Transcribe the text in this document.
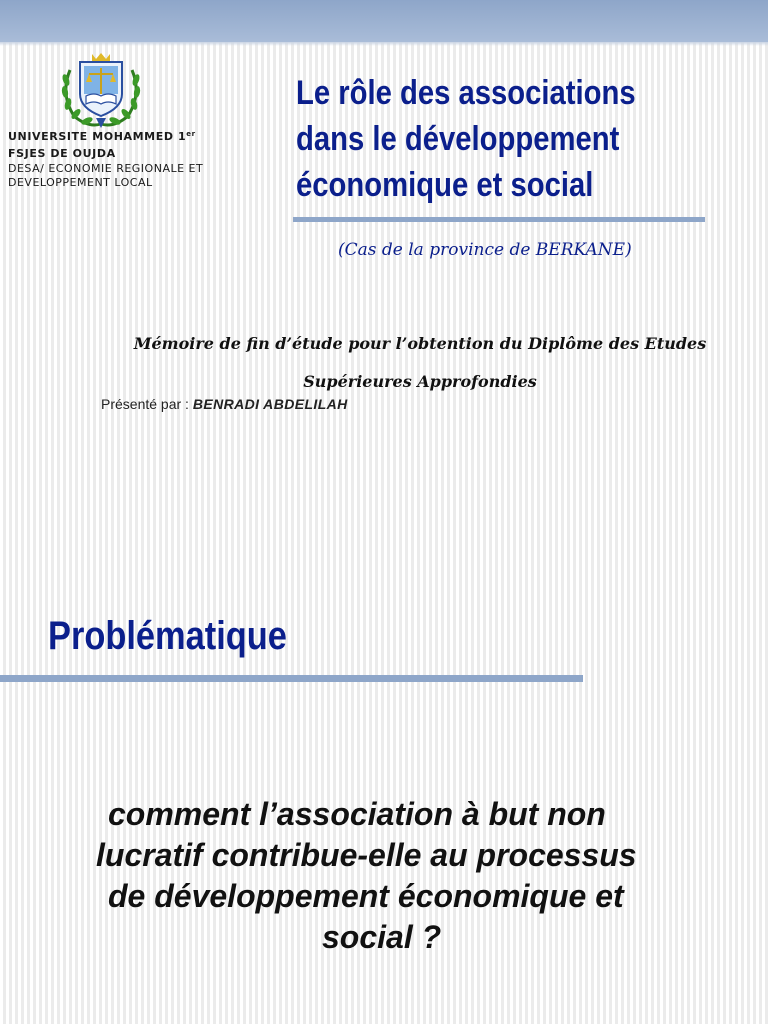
UNIVERSITE MOHAMMED 1er
FSJES DE OUJDA
DESA/ ECONOMIE REGIONALE ET
DEVELOPPEMENT LOCAL
Le rôle des associations
dans le développement
économique et social
(Cas de la province de BERKANE)
Mémoire de fin d’étude pour l’obtention du Diplôme des Etudes
Supérieures Approfondies
Présenté par : BENRADI ABDELILAH
Problématique
comment l’association à but non
lucratif contribue-elle au processus
de développement économique et
social ?
